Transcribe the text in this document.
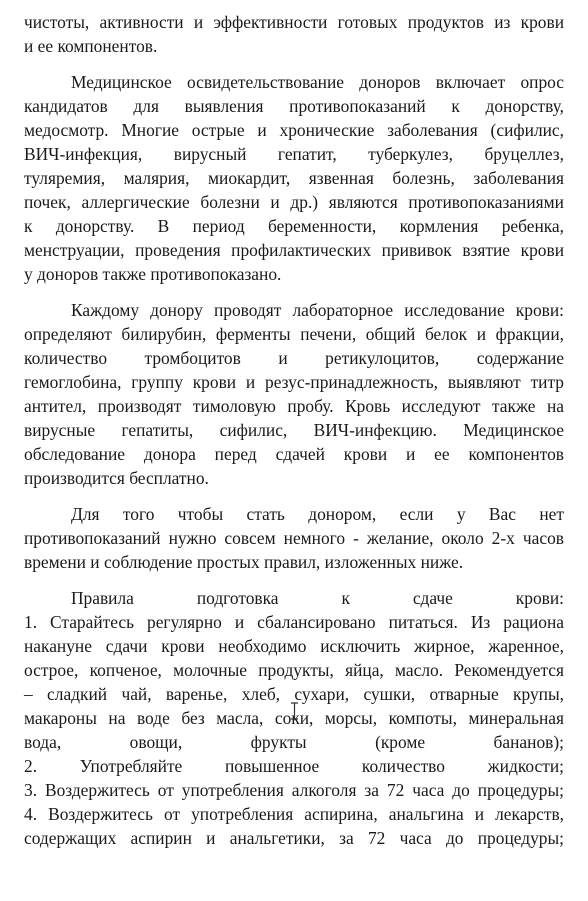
чистоты, активности и эффективности готовых продуктов из крови
и ее компонентов.
Медицинское освидетельствование доноров включает опрос
кандидатов для выявления противопоказаний к донорству,
медосмотр. Многие острые и хронические заболевания (сифилис,
ВИЧ-инфекция, вирусный гепатит, туберкулез, бруцеллез,
туляремия, малярия, миокардит, язвенная болезнь, заболевания
почек, аллергические болезни и др.) являются противопоказаниями
к донорству. В период беременности, кормления ребенка,
менструации, проведения профилактических прививок взятие крови
у доноров также противопоказано.
Каждому донору проводят лабораторное исследование крови:
определяют билирубин, ферменты печени, общий белок и фракции,
количество тромбоцитов и ретикулоцитов, содержание
гемоглобина, группу крови и резус-принадлежность, выявляют титр
антител, производят тимоловую пробу. Кровь исследуют также на
вирусные гепатиты, сифилис, ВИЧ-инфекцию. Медицинское
обследование донора перед сдачей крови и ее компонентов
производится бесплатно.
Для того чтобы стать донором, если у Вас нет
противопоказаний нужно совсем немного - желание, около 2-х часов
времени и соблюдение простых правил, изложенных ниже.
Правила подготовка к сдаче крови:
1. Старайтесь регулярно и сбалансировано питаться. Из рациона
накануне сдачи крови необходимо исключить жирное, жаренное,
острое, копченое, молочные продукты, яйца, масло. Рекомендуется
– сладкий чай, варенье, хлеб, сухари, сушки, отварные крупы,
макароны на воде без масла, соки, морсы, компоты, минеральная
вода, овощи, фрукты (кроме бананов);
2. Употребляйте повышенное количество жидкости;
3. Воздержитесь от употребления алкоголя за 72 часа до процедуры;
4. Воздержитесь от употребления аспирина, анальгина и лекарств,
содержащих аспирин и анальгетики, за 72 часа до процедуры;
